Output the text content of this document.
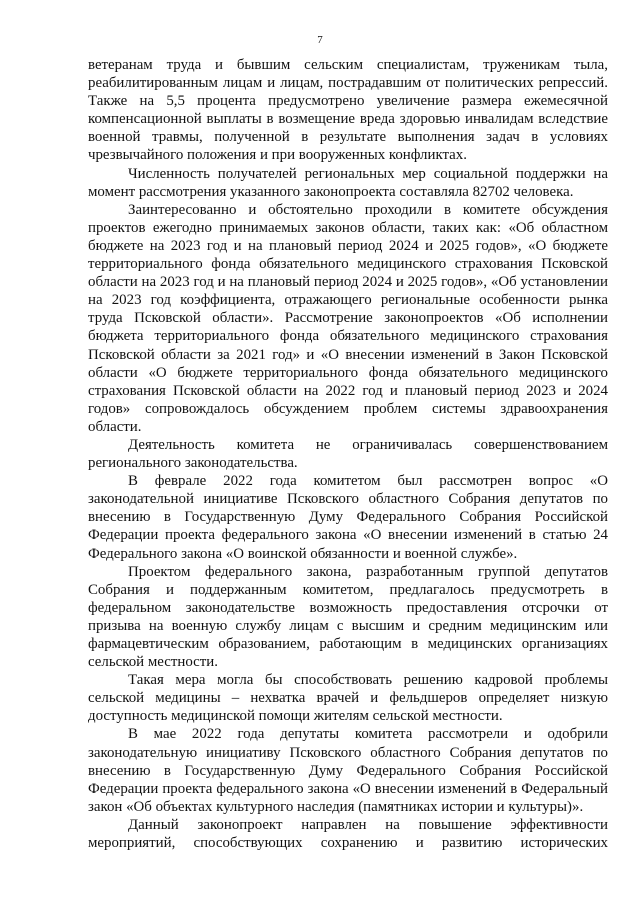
7

ветеранам труда и бывшим сельским специалистам, труженикам тыла, реабилитированным лицам и лицам, пострадавшим от политических репрессий. Также на 5,5 процента предусмотрено увеличение размера ежемесячной компенсационной выплаты в возмещение вреда здоровью инвалидам вследствие военной травмы, полученной в результате выполнения задач в условиях чрезвычайного положения и при вооруженных конфликтах.

Численность получателей региональных мер социальной поддержки на момент рассмотрения указанного законопроекта составляла 82702 человека.

Заинтересованно и обстоятельно проходили в комитете обсуждения проектов ежегодно принимаемых законов области, таких как: «Об областном бюджете на 2023 год и на плановый период 2024 и 2025 годов», «О бюджете территориального фонда обязательного медицинского страхования Псковской области на 2023 год и на плановый период 2024 и 2025 годов», «Об установлении на 2023 год коэффициента, отражающего региональные особенности рынка труда Псковской области». Рассмотрение законопроектов «Об исполнении бюджета территориального фонда обязательного медицинского страхования Псковской области за 2021 год» и «О внесении изменений в Закон Псковской области «О бюджете территориального фонда обязательного медицинского страхования Псковской области на 2022 год и плановый период 2023 и 2024 годов» сопровождалось обсуждением проблем системы здравоохранения области.

Деятельность комитета не ограничивалась совершенствованием регионального законодательства.

В феврале 2022 года комитетом был рассмотрен вопрос «О законодательной инициативе Псковского областного Собрания депутатов по внесению в Государственную Думу Федерального Собрания Российской Федерации проекта федерального закона «О внесении изменений в статью 24 Федерального закона «О воинской обязанности и военной службе».

Проектом федерального закона, разработанным группой депутатов Собрания и поддержанным комитетом, предлагалось предусмотреть в федеральном законодательстве возможность предоставления отсрочки от призыва на военную службу лицам с высшим и средним медицинским или фармацевтическим образованием, работающим в медицинских организациях сельской местности.

Такая мера могла бы способствовать решению кадровой проблемы сельской медицины – нехватка врачей и фельдшеров определяет низкую доступность медицинской помощи жителям сельской местности.

В мае 2022 года депутаты комитета рассмотрели и одобрили законодательную инициативу Псковского областного Собрания депутатов по внесению в Государственную Думу Федерального Собрания Российской Федерации проекта федерального закона «О внесении изменений в Федеральный закон «Об объектах культурного наследия (памятниках истории и культуры)».

Данный законопроект направлен на повышение эффективности мероприятий, способствующих сохранению и развитию исторических
